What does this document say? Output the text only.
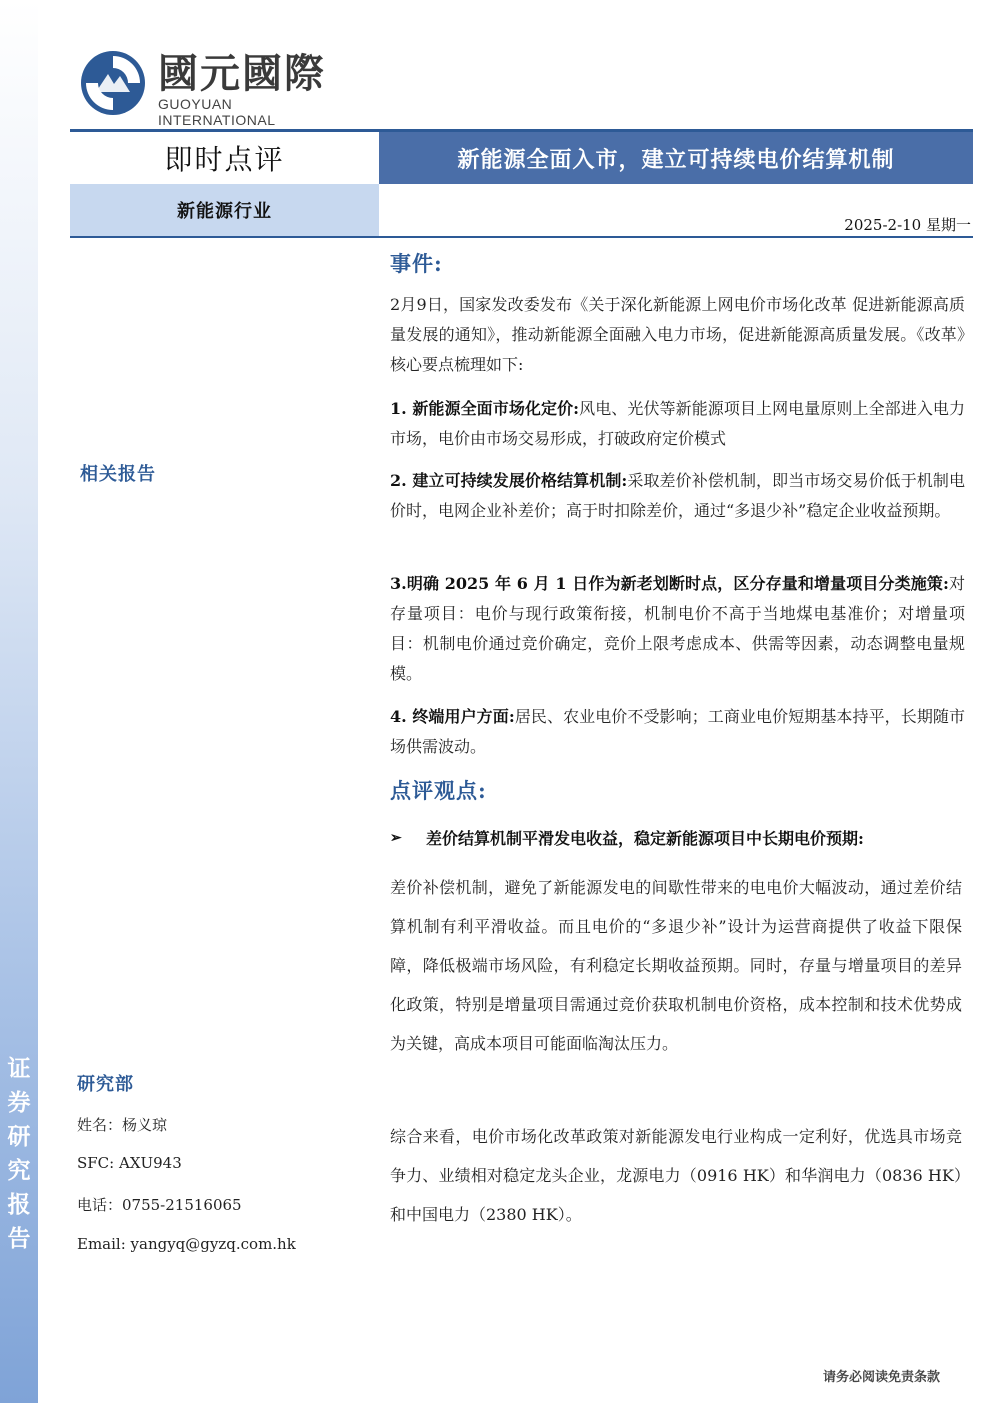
证
券
研
究
报
告
國元國際
GUOYUAN INTERNATIONAL
即时点评	新能源全面入市，建立可持续电价结算机制
新能源行业
2025-2-10 星期一
相关报告
研究部
姓名：杨义琼
SFC: AXU943
电话：0755-21516065
Email: yangyq@gyzq.com.hk
事件:
2月9日，国家发改委发布《关于深化新能源上网电价市场化改革 促进新能源高质量发展的通知》，推动新能源全面融入电力市场，促进新能源高质量发展。《改革》核心要点梳理如下:
1. 新能源全面市场化定价:风电、光伏等新能源项目上网电量原则上全部进入电力市场，电价由市场交易形成，打破政府定价模式
2. 建立可持续发展价格结算机制:采取差价补偿机制，即当市场交易价低于机制电价时，电网企业补差价；高于时扣除差价，通过“多退少补”稳定企业收益预期。
3.明确 2025 年 6 月 1 日作为新老划断时点，区分存量和增量项目分类施策:对存量项目：电价与现行政策衔接，机制电价不高于当地煤电基准价；对增量项目：机制电价通过竞价确定，竞价上限考虑成本、供需等因素，动态调整电量规模。
4. 终端用户方面:居民、农业电价不受影响；工商业电价短期基本持平，长期随市场供需波动。
点评观点:
➢	差价结算机制平滑发电收益，稳定新能源项目中长期电价预期:
差价补偿机制，避免了新能源发电的间歇性带来的电电价大幅波动，通过差价结算机制有利平滑收益。而且电价的“多退少补”设计为运营商提供了收益下限保障，降低极端市场风险，有利稳定长期收益预期。同时，存量与增量项目的差异化政策，特别是增量项目需通过竞价获取机制电价资格，成本控制和技术优势成为关键，高成本项目可能面临淘汰压力。
综合来看，电价市场化改革政策对新能源发电行业构成一定利好，优选具市场竞争力、业绩相对稳定龙头企业，龙源电力（0916 HK）和华润电力（0836 HK）和中国电力（2380 HK）。
请务必阅读免责条款
